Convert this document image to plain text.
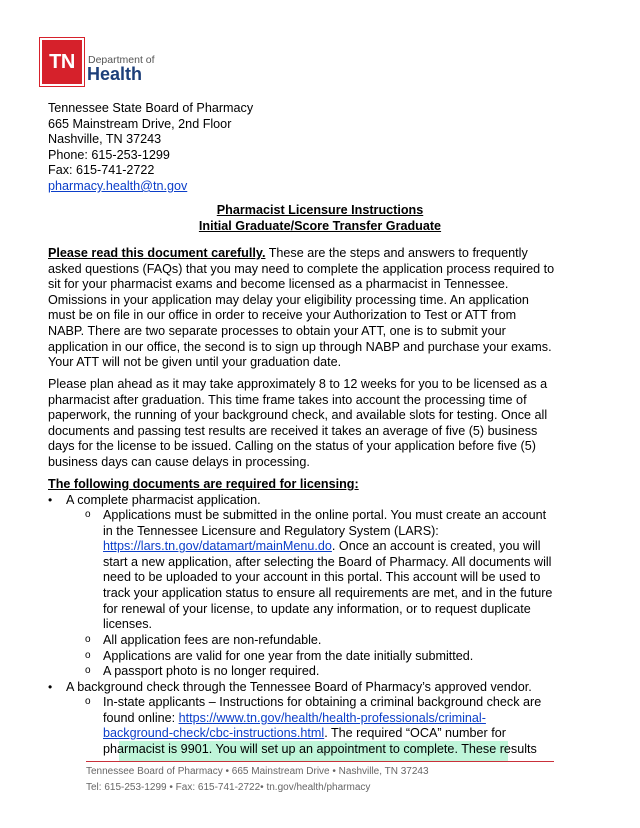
TN	Department of
Health
Tennessee State Board of Pharmacy
665 Mainstream Drive, 2nd Floor
Nashville, TN 37243
Phone: 615-253-1299
Fax: 615-741-2722
pharmacy.health@tn.gov
Pharmacist Licensure Instructions
Initial Graduate/Score Transfer Graduate
Please read this document carefully. These are the steps and answers to frequently
asked questions (FAQs) that you may need to complete the application process required to
sit for your pharmacist exams and become licensed as a pharmacist in Tennessee.
Omissions in your application may delay your eligibility processing time. An application
must be on file in our office in order to receive your Authorization to Test or ATT from
NABP. There are two separate processes to obtain your ATT, one is to submit your
application in our office, the second is to sign up through NABP and purchase your exams.
Your ATT will not be given until your graduation date.
Please plan ahead as it may take approximately 8 to 12 weeks for you to be licensed as a
pharmacist after graduation. This time frame takes into account the processing time of
paperwork, the running of your background check, and available slots for testing. Once all
documents and passing test results are received it takes an average of five (5) business
days for the license to be issued. Calling on the status of your application before five (5)
business days can cause delays in processing.
The following documents are required for licensing:
• A complete pharmacist application.
o Applications must be submitted in the online portal. You must create an account
in the Tennessee Licensure and Regulatory System (LARS):
https://lars.tn.gov/datamart/mainMenu.do. Once an account is created, you will
start a new application, after selecting the Board of Pharmacy. All documents will
need to be uploaded to your account in this portal. This account will be used to
track your application status to ensure all requirements are met, and in the future
for renewal of your license, to update any information, or to request duplicate
licenses.
o All application fees are non-refundable.
o Applications are valid for one year from the date initially submitted.
o A passport photo is no longer required.
• A background check through the Tennessee Board of Pharmacy’s approved vendor.
o In-state applicants – Instructions for obtaining a criminal background check are
found online: https://www.tn.gov/health/health-professionals/criminal-
background-check/cbc-instructions.html. The required “OCA” number for
pharmacist is 9901. You will set up an appointment to complete. These results
Tennessee Board of Pharmacy • 665 Mainstream Drive • Nashville, TN 37243
Tel: 615-253-1299 • Fax: 615-741-2722• tn.gov/health/pharmacy
